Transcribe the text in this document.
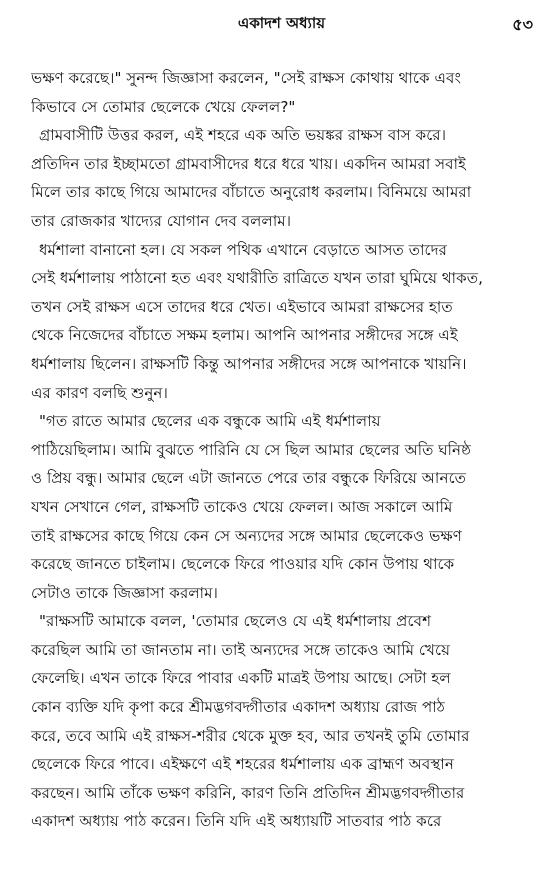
একাদশ অধ্যায়	৫৩
ভক্ষণ করেছে।" সুনন্দ জিজ্ঞাসা করলেন, "সেই রাক্ষস কোথায় থাকে এবং
কিভাবে সে তোমার ছেলেকে খেয়ে ফেলল?"
গ্রামবাসীটি উত্তর করল, এই শহরে এক অতি ভয়ঙ্কর রাক্ষস বাস করে।
প্রতিদিন তার ইচ্ছামতো গ্রামবাসীদের ধরে ধরে খায়। একদিন আমরা সবাই
মিলে তার কাছে গিয়ে আমাদের বাঁচাতে অনুরোধ করলাম। বিনিময়ে আমরা
তার রোজকার খাদ্যের যোগান দেব বললাম।
ধর্মশালা বানানো হল। যে সকল পথিক এখানে বেড়াতে আসত তাদের
সেই ধর্মশালায় পাঠানো হত এবং যথারীতি রাত্রিতে যখন তারা ঘুমিয়ে থাকত,
তখন সেই রাক্ষস এসে তাদের ধরে খেত। এইভাবে আমরা রাক্ষসের হাত
থেকে নিজেদের বাঁচাতে সক্ষম হলাম। আপনি আপনার সঙ্গীদের সঙ্গে এই
ধর্মশালায় ছিলেন। রাক্ষসটি কিন্তু আপনার সঙ্গীদের সঙ্গে আপনাকে খায়নি।
এর কারণ বলছি শুনুন।
"গত রাতে আমার ছেলের এক বন্ধুকে আমি এই ধর্মশালায়
পাঠিয়েছিলাম। আমি বুঝতে পারিনি যে সে ছিল আমার ছেলের অতি ঘনিষ্ঠ
ও প্রিয় বন্ধু। আমার ছেলে এটা জানতে পেরে তার বন্ধুকে ফিরিয়ে আনতে
যখন সেখানে গেল, রাক্ষসটি তাকেও খেয়ে ফেলল। আজ সকালে আমি
তাই রাক্ষসের কাছে গিয়ে কেন সে অন্যদের সঙ্গে আমার ছেলেকেও ভক্ষণ
করেছে জানতে চাইলাম। ছেলেকে ফিরে পাওয়ার যদি কোন উপায় থাকে
সেটাও তাকে জিজ্ঞাসা করলাম।
"রাক্ষসটি আমাকে বলল, 'তোমার ছেলেও যে এই ধর্মশালায় প্রবেশ
করেছিল আমি তা জানতাম না। তাই অন্যদের সঙ্গে তাকেও আমি খেয়ে
ফেলেছি। এখন তাকে ফিরে পাবার একটি মাত্রই উপায় আছে। সেটা হল
কোন ব্যক্তি যদি কৃপা করে শ্রীমদ্ভগবদ্গীতার একাদশ অধ্যায় রোজ পাঠ
করে, তবে আমি এই রাক্ষস-শরীর থেকে মুক্ত হব, আর তখনই তুমি তোমার
ছেলেকে ফিরে পাবে। এইক্ষণে এই শহরের ধর্মশালায় এক ব্রাহ্মণ অবস্থান
করছেন। আমি তাঁকে ভক্ষণ করিনি, কারণ তিনি প্রতিদিন শ্রীমদ্ভগবদ্গীতার
একাদশ অধ্যায় পাঠ করেন। তিনি যদি এই অধ্যায়টি সাতবার পাঠ করে
